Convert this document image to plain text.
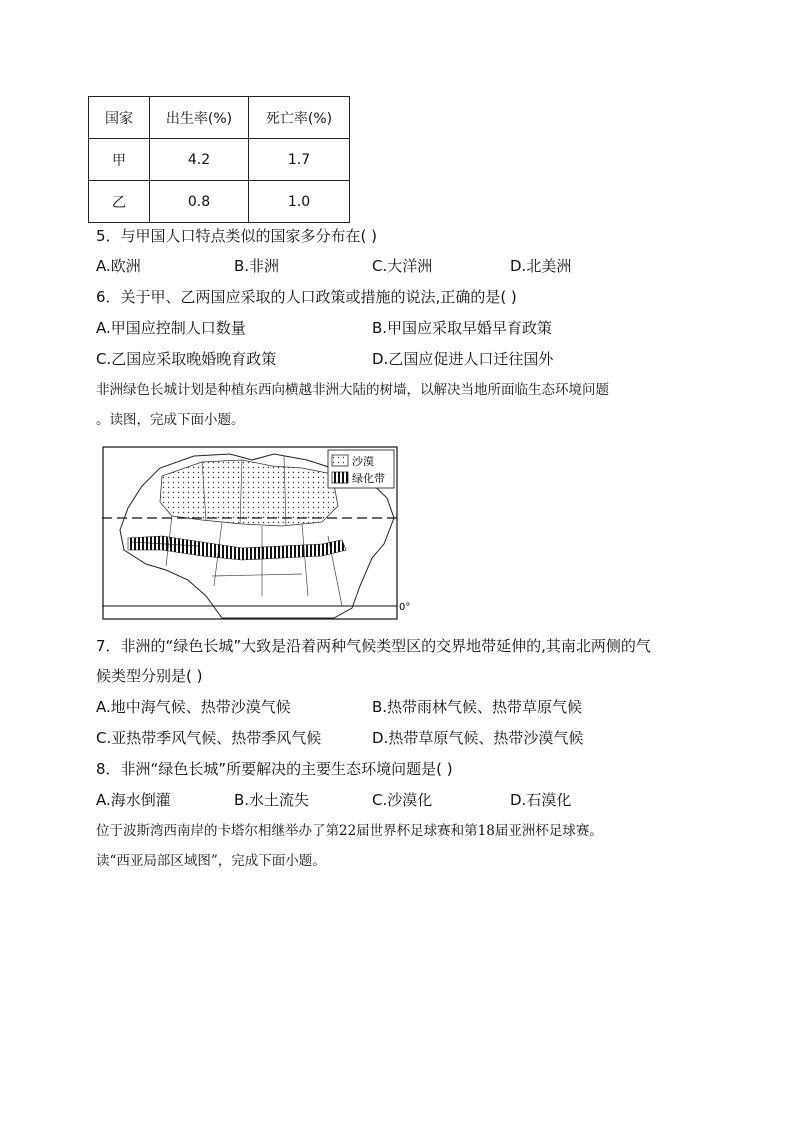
国家	出生率(%)	死亡率(%)
甲	4.2	1.7
乙	0.8	1.0
5．与甲国人口特点类似的国家多分布在( )
A.欧洲	B.非洲	C.大洋洲	D.北美洲
6．关于甲、乙两国应采取的人口政策或措施的说法,正确的是( )
A.甲国应控制人口数量	B.甲国应采取早婚早育政策
C.乙国应采取晚婚晚育政策	D.乙国应促进人口迁往国外
非洲绿色长城计划是种植东西向横越非洲大陆的树墙，以解决当地所面临生态环境问题
。读图，完成下面小题。
沙漠
绿化带
0°
7．非洲的“绿色长城”大致是沿着两种气候类型区的交界地带延伸的,其南北两侧的气
候类型分别是( )
A.地中海气候、热带沙漠气候	B.热带雨林气候、热带草原气候
C.亚热带季风气候、热带季风气候	D.热带草原气候、热带沙漠气候
8．非洲“绿色长城”所要解决的主要生态环境问题是( )
A.海水倒灌	B.水土流失	C.沙漠化	D.石漠化
位于波斯湾西南岸的卡塔尔相继举办了第22届世界杯足球赛和第18届亚洲杯足球赛。
读“西亚局部区域图”，完成下面小题。
